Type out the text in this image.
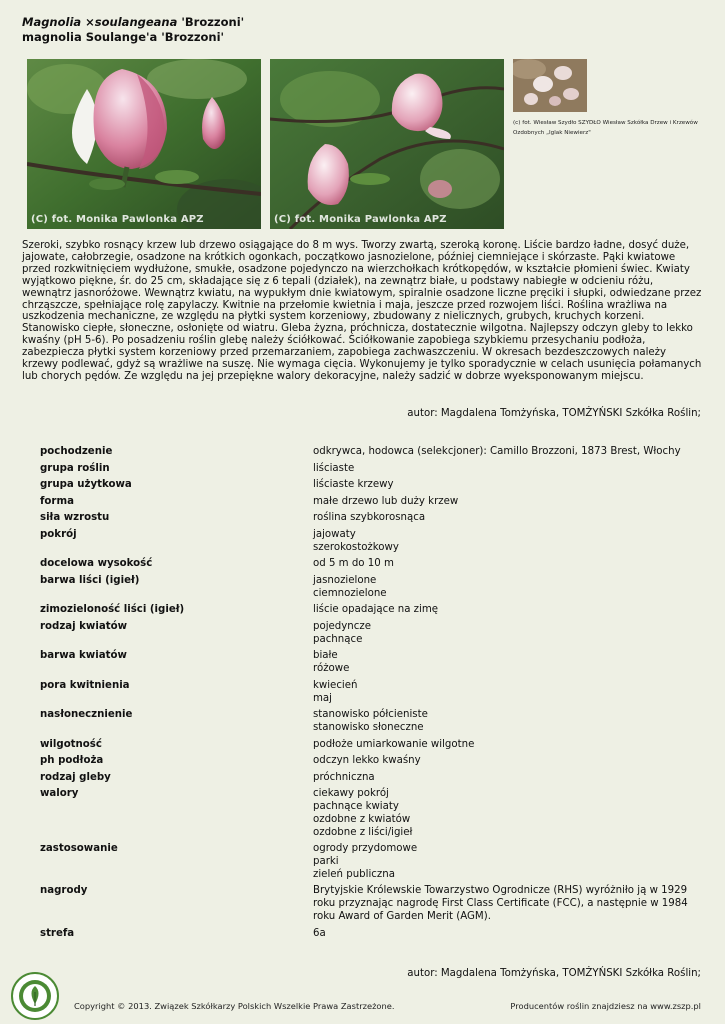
Magnolia ×soulangeana 'Brozzoni'
magnolia Soulange'a 'Brozzoni'
(C) fot. Monika Pawlonka APZ	(C) fot. Monika Pawlonka APZ
(c) fot. Wiesław Szydło SZYDŁO Wiesław Szkółka Drzew i Krzewów Ozdobnych „Iglak Niewierz"
Szeroki, szybko rosnący krzew lub drzewo osiągające do 8 m wys. Tworzy zwartą, szeroką koronę. Liście bardzo ładne, dosyć duże, jajowate, całobrzegie, osadzone na krótkich ogonkach, początkowo jasnozielone, później ciemniejące i skórzaste. Pąki kwiatowe przed rozkwitnięciem wydłużone, smukłe, osadzone pojedynczo na wierzchołkach krótkopędów, w kształcie płomieni świec. Kwiaty wyjątkowo piękne, śr. do 25 cm, składające się z 6 tepali (działek), na zewnątrz białe, u podstawy nabiegłe w odcieniu różu, wewnątrz jasnoróżowe. Wewnątrz kwiatu, na wypukłym dnie kwiatowym, spiralnie osadzone liczne pręciki i słupki, odwiedzane przez chrząszcze, spełniające rolę zapylaczy. Kwitnie na przełomie kwietnia i maja, jeszcze przed rozwojem liści. Roślina wrażliwa na uszkodzenia mechaniczne, ze względu na płytki system korzeniowy, zbudowany z nielicznych, grubych, kruchych korzeni. Stanowisko ciepłe, słoneczne, osłonięte od wiatru. Gleba żyzna, próchnicza, dostatecznie wilgotna. Najlepszy odczyn gleby to lekko kwaśny (pH 5-6). Po posadzeniu roślin glebę należy ściółkować. Ściółkowanie zapobiega szybkiemu przesychaniu podłoża, zabezpiecza płytki system korzeniowy przed przemarzaniem, zapobiega zachwaszczeniu. W okresach bezdeszczowych należy krzewy podlewać, gdyż są wrażliwe na suszę. Nie wymaga cięcia. Wykonujemy je tylko sporadycznie w celach usunięcia połamanych lub chorych pędów. Ze względu na jej przepiękne walory dekoracyjne, należy sadzić w dobrze wyeksponowanym miejscu.
autor: Magdalena Tomżyńska, TOMŻYŃSKI Szkółka Roślin;
pochodzenie	odkrywca, hodowca (selekcjoner): Camillo Brozzoni, 1873 Brest, Włochy
grupa roślin	liściaste
grupa użytkowa	liściaste krzewy
forma	małe drzewo lub duży krzew
siła wzrostu	roślina szybkorosnąca
pokrój	jajowaty
szerokostożkowy
docelowa wysokość	od 5 m do 10 m
barwa liści (igieł)	jasnozielone
ciemnozielone
zimozieloność liści (igieł)	liście opadające na zimę
rodzaj kwiatów	pojedyncze
pachnące
barwa kwiatów	białe
różowe
pora kwitnienia	kwiecień
maj
nasłonecznienie	stanowisko półcieniste
stanowisko słoneczne
wilgotność	podłoże umiarkowanie wilgotne
ph podłoża	odczyn lekko kwaśny
rodzaj gleby	próchniczna
walory	ciekawy pokrój
pachnące kwiaty
ozdobne z kwiatów
ozdobne z liści/igieł
zastosowanie	ogrody przydomowe
parki
zieleń publiczna
nagrody	Brytyjskie Królewskie Towarzystwo Ogrodnicze (RHS) wyróżniło ją w 1929 roku przyznając nagrodę First Class Certificate (FCC), a następnie w 1984 roku Award of Garden Merit (AGM).
strefa	6a
autor: Magdalena Tomżyńska, TOMŻYŃSKI Szkółka Roślin;
Copyright © 2013. Związek Szkółkarzy Polskich Wszelkie Prawa Zastrzeżone.	Producentów roślin znajdziesz na www.zszp.pl
